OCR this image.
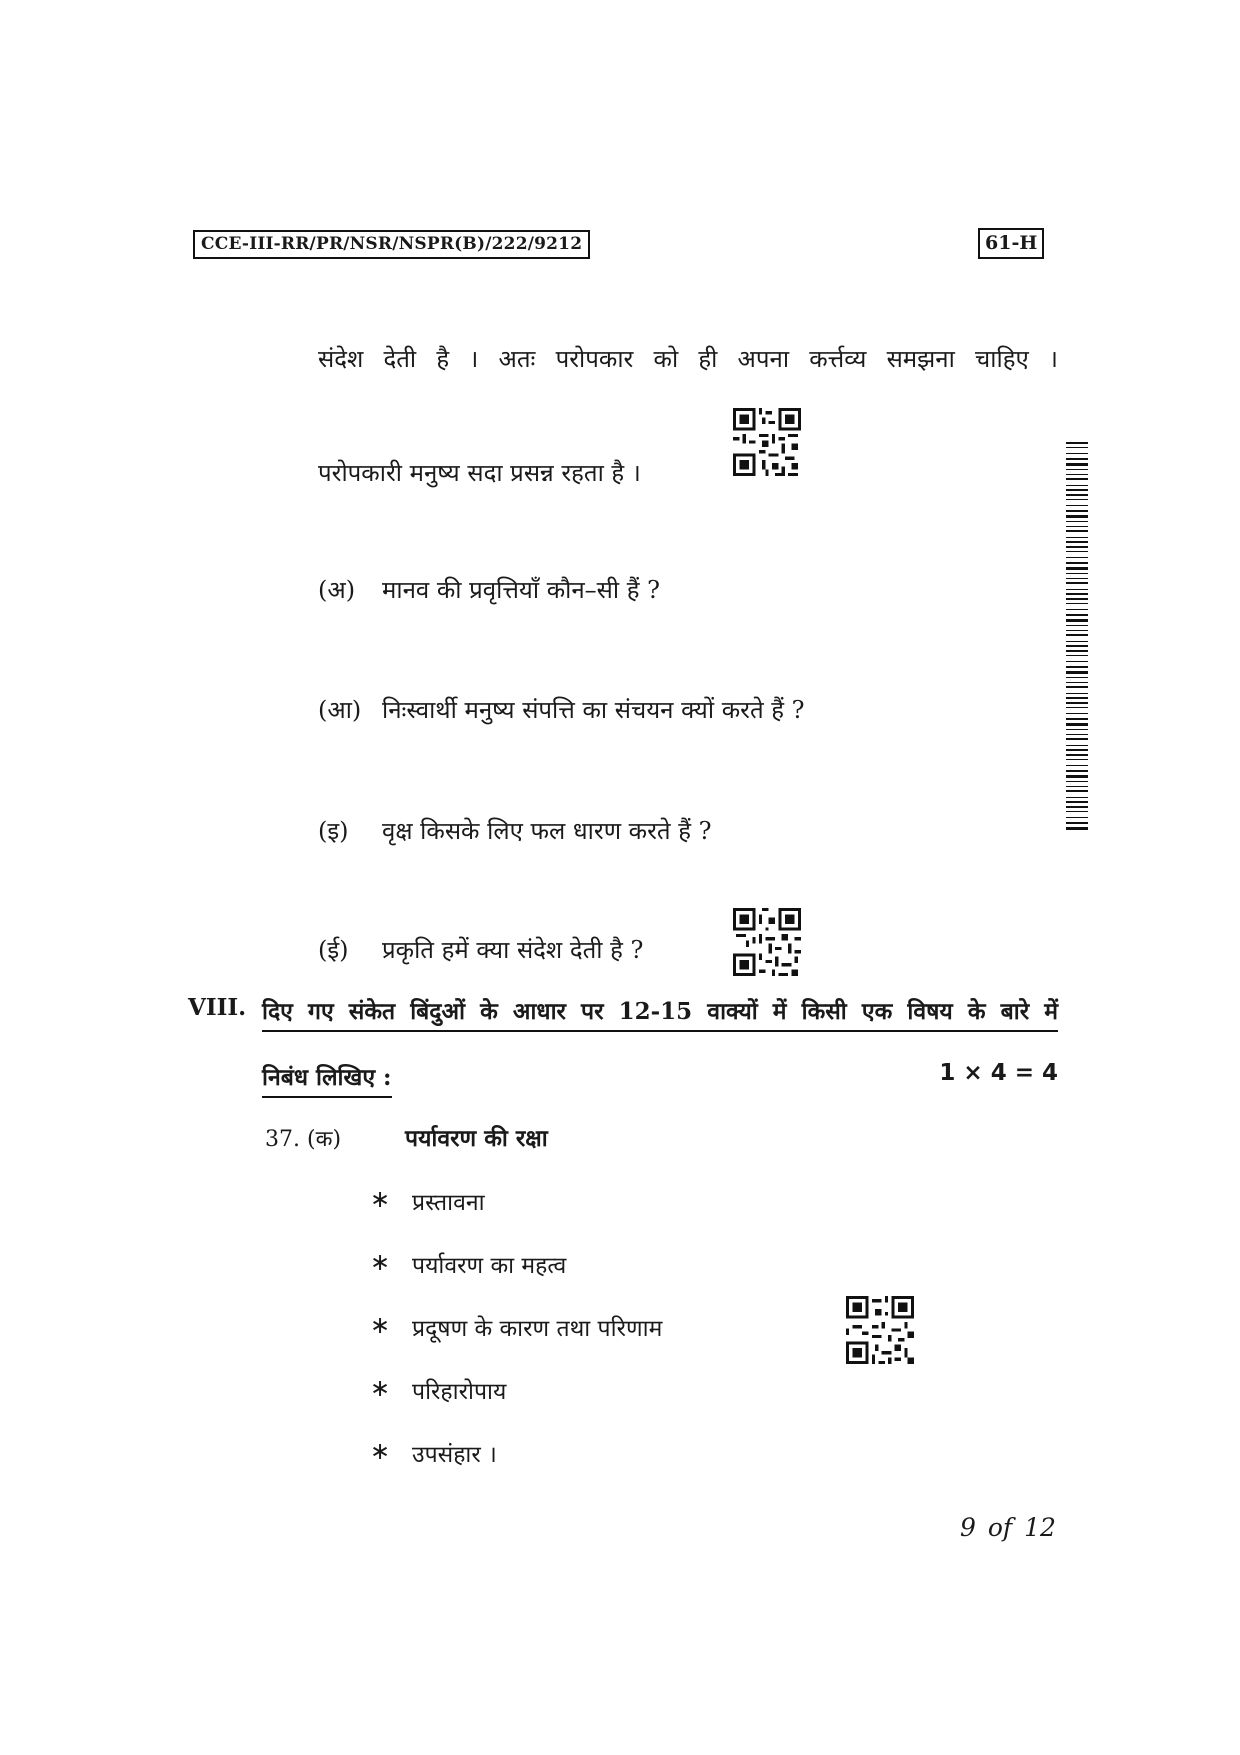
CCE-III-RR/PR/NSR/NSPR(B)/222/9212	61-H
संदेश देती है । अतः परोपकार को ही अपना कर्त्तव्य समझना चाहिए ।
परोपकारी मनुष्य सदा प्रसन्न रहता है ।
(अ) मानव की प्रवृत्तियाँ कौन–सी हैं ?
(आ) निःस्वार्थी मनुष्य संपत्ति का संचयन क्यों करते हैं ?
(इ) वृक्ष किसके लिए फल धारण करते हैं ?
(ई) प्रकृति हमें क्या संदेश देती है ?
VIII. दिए गए संकेत बिंदुओं के आधार पर 12-15 वाक्यों में किसी एक विषय के बारे में
निबंध लिखिए :	1 × 4 = 4
37. (क)	पर्यावरण की रक्षा
∗ प्रस्तावना
∗ पर्यावरण का महत्व
∗ प्रदूषण के कारण तथा परिणाम
∗ परिहारोपाय
∗ उपसंहार ।
9 of 12
